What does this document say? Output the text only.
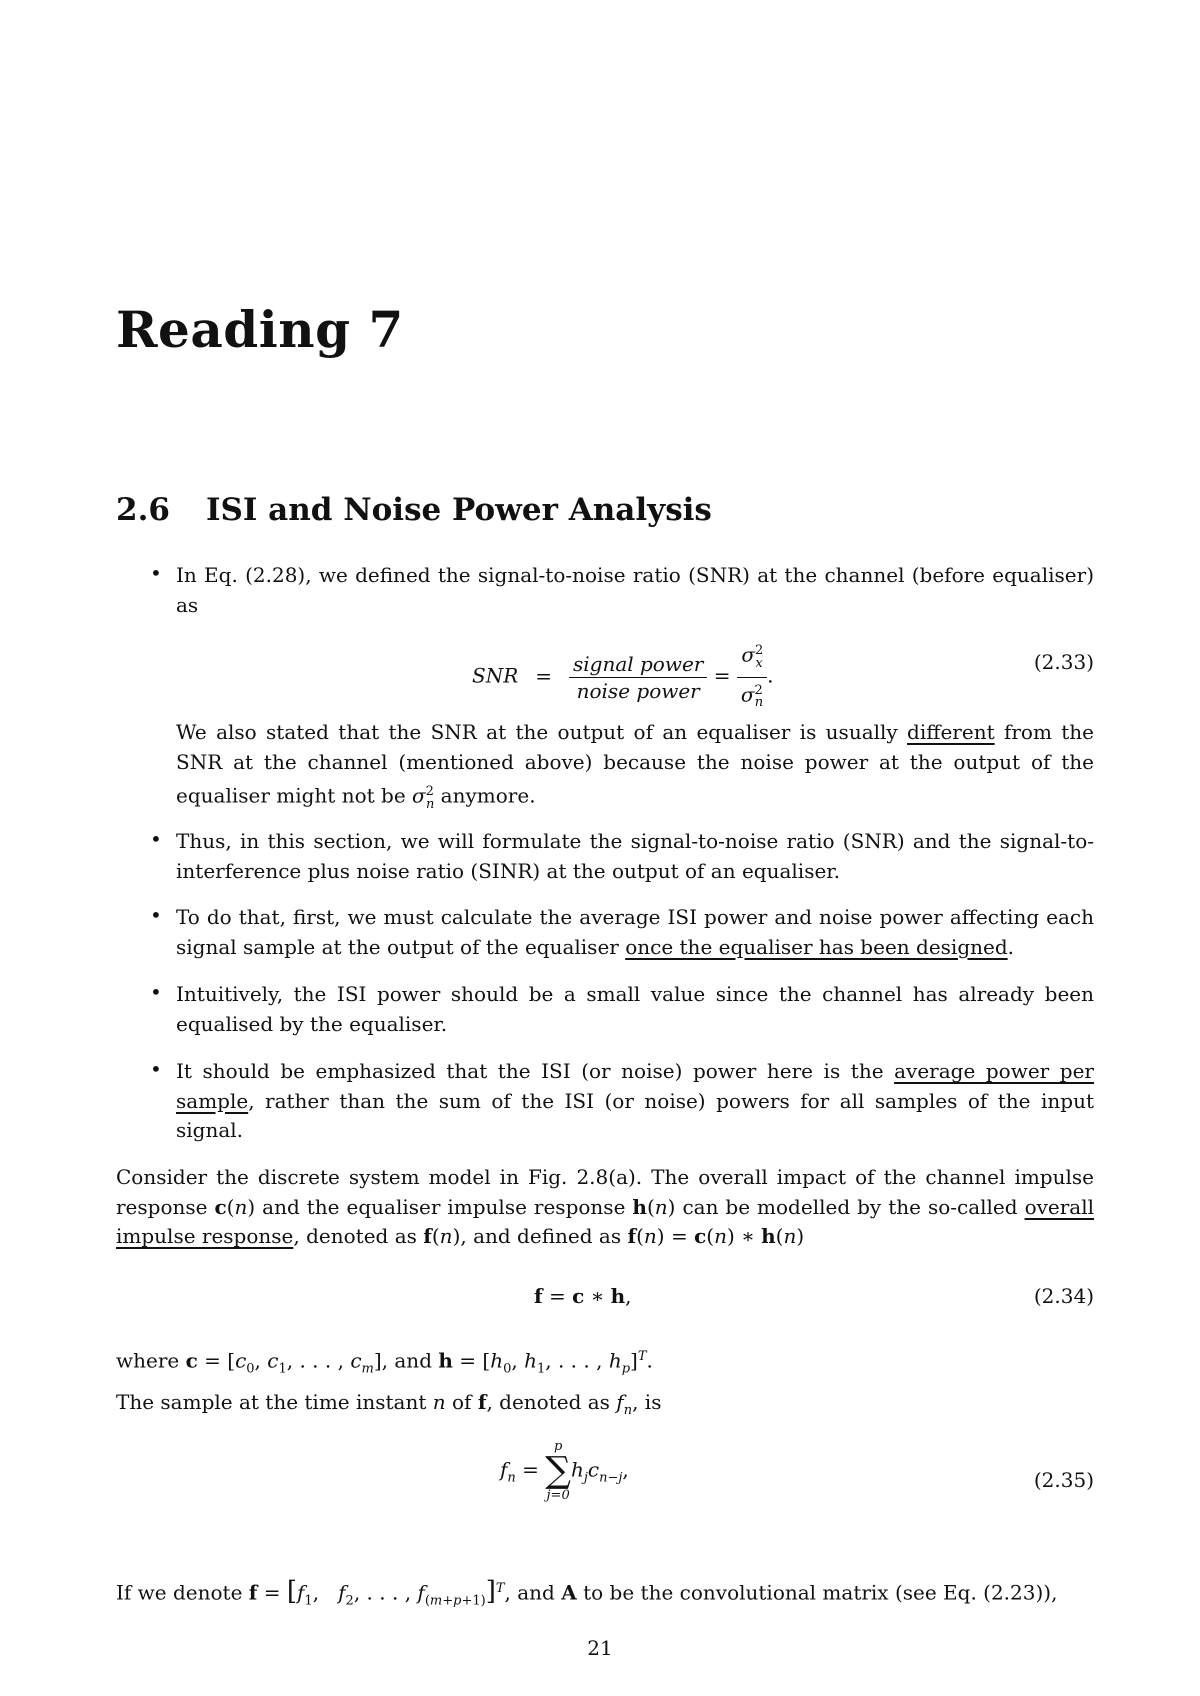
Reading 7
2.6 ISI and Noise Power Analysis
• In Eq. (2.28), we defined the signal-to-noise ratio (SNR) at the channel (before equaliser) as
SNR = $\frac{\text{signal power}}{\text{noise power}} = \frac{\sigma^2_x}{\sigma^2_n}$ .
(2.33)
We also stated that the SNR at the output of an equaliser is usually different from the SNR at the channel (mentioned above) because the noise power at the output of the equaliser might not be $\sigma^2_n$ anymore.
• Thus, in this section, we will formulate the signal-to-noise ratio (SNR) and the signal-to-interference plus noise ratio (SINR) at the output of an equaliser.
• To do that, first, we must calculate the average ISI power and noise power affecting each signal sample at the output of the equaliser once the equaliser has been designed.
• Intuitively, the ISI power should be a small value since the channel has already been equalised by the equaliser.
• It should be emphasized that the ISI (or noise) power here is the average power per sample, rather than the sum of the ISI (or noise) powers for all samples of the input signal.
Consider the discrete system model in Fig. 2.8(a). The overall impact of the channel impulse response c(n) and the equaliser impulse response h(n) can be modelled by the so-called overall impulse response, denoted as f(n), and defined as f(n) = c(n) ∗ h(n)
f = c ∗ h,	(2.34)
where $c = [c_0$, $c_1$, . . . , $c_m$], and $h = [h_0$, $h_1$, . . . , $h_p]^T$.
The sample at the time instant n of f, denoted as $f_n$, is
$f_n$ =
p
∑
j=0
$h_jc_{n-j}$,	(2.35)
If we denote $f = [f_1$,   $f_2$, . . . , $f_{(m+p+1)}]^T$, and A to be the convolutional matrix (see Eq. (2.23)),
21
